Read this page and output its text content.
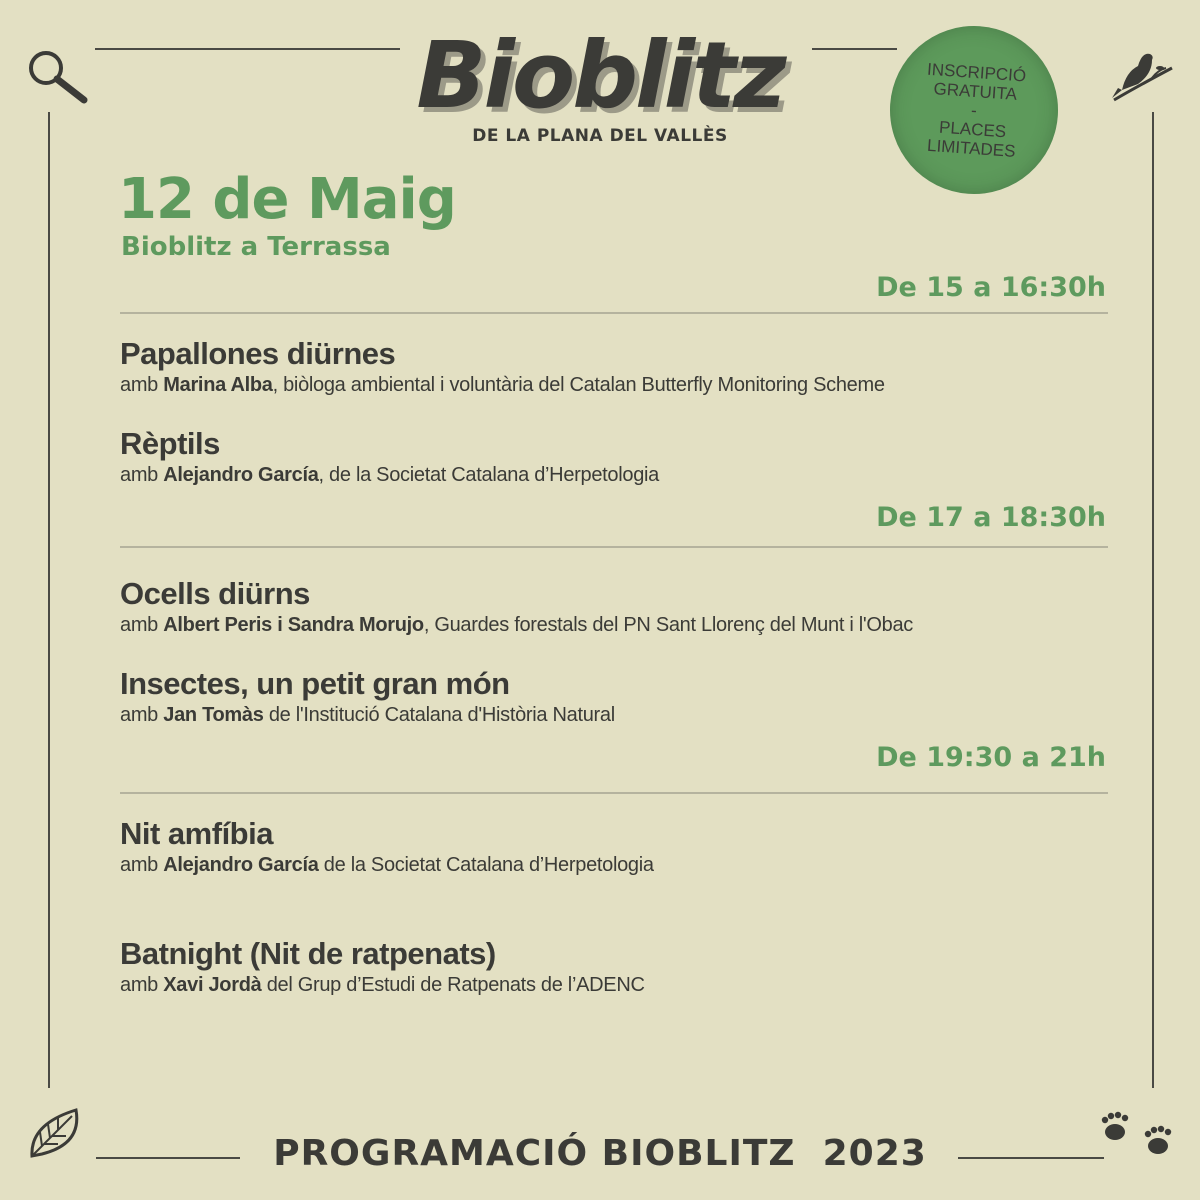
Bioblitz
DE LA PLANA DEL VALLÈS
INSCRIPCIÓ
GRATUITA
-
PLACES
LIMITADES
12 de Maig
Bioblitz a Terrassa
De 15 a 16:30h
Papallones diürnes
amb Marina Alba, biòloga ambiental i voluntària del Catalan Butterfly Monitoring Scheme
Rèptils
amb Alejandro García, de la Societat Catalana d’Herpetologia
De 17 a 18:30h
Ocells diürns
amb Albert Peris i Sandra Morujo, Guardes forestals del PN Sant Llorenç del Munt i l'Obac
Insectes, un petit gran món
amb Jan Tomàs de l'Institució Catalana d'Història Natural
De 19:30 a 21h
Nit amfíbia
amb Alejandro García de la Societat Catalana d’Herpetologia
Batnight (Nit de ratpenats)
amb Xavi Jordà del Grup d’Estudi de Ratpenats de l’ADENC
PROGRAMACIÓ BIOBLITZ  2023
